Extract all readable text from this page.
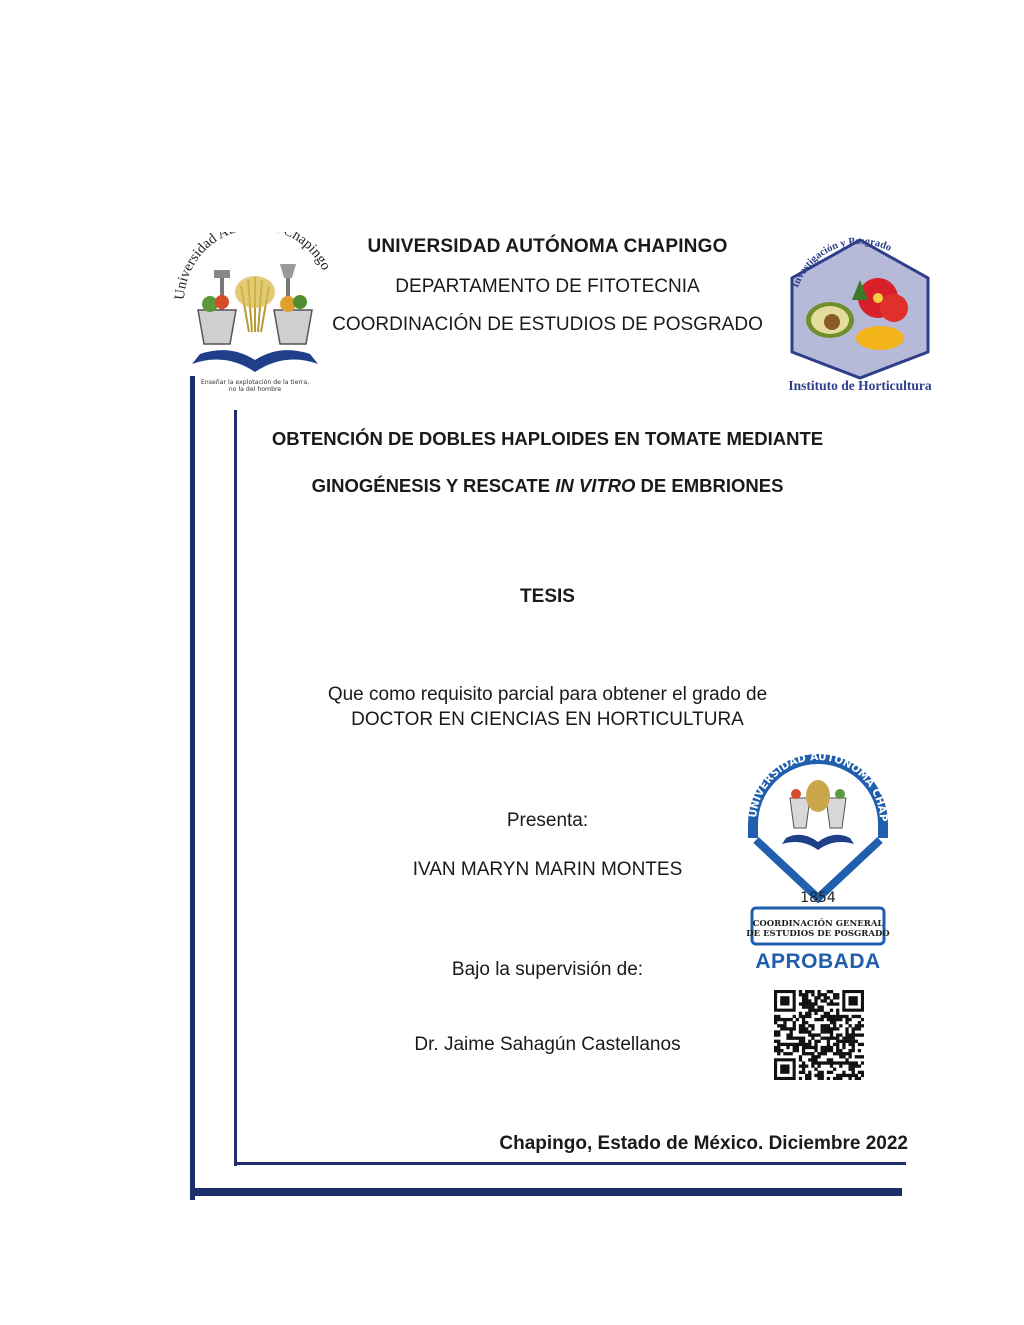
Universidad A hapingo
Enseñar la explotación de la tierra,
no la del hombre
UNIVERSIDAD AUTÓNOMA CHAPINGO
DEPARTAMENTO DE FITOTECNIA
COORDINACIÓN DE ESTUDIOS DE POSGRADO
Investigación y Posgrado
Instituto de Horticultura
OBTENCIÓN DE DOBLES HAPLOIDES EN TOMATE MEDIANTE
GINOGÉNESIS Y RESCATE IN VITRO DE EMBRIONES
TESIS
Que como requisito parcial para obtener el grado de
DOCTOR EN CIENCIAS EN HORTICULTURA
Presenta:
IVAN MARYN MARIN MONTES
Bajo la supervisión de:
Dr. Jaime Sahagún Castellanos
Chapingo, Estado de México. Diciembre 2022
UNIVERSIDAD AUTÓNOMA CHAP
1854
COORDINACIÓN GENERAL
DE ESTUDIOS DE POSGRADO
APROBADA
